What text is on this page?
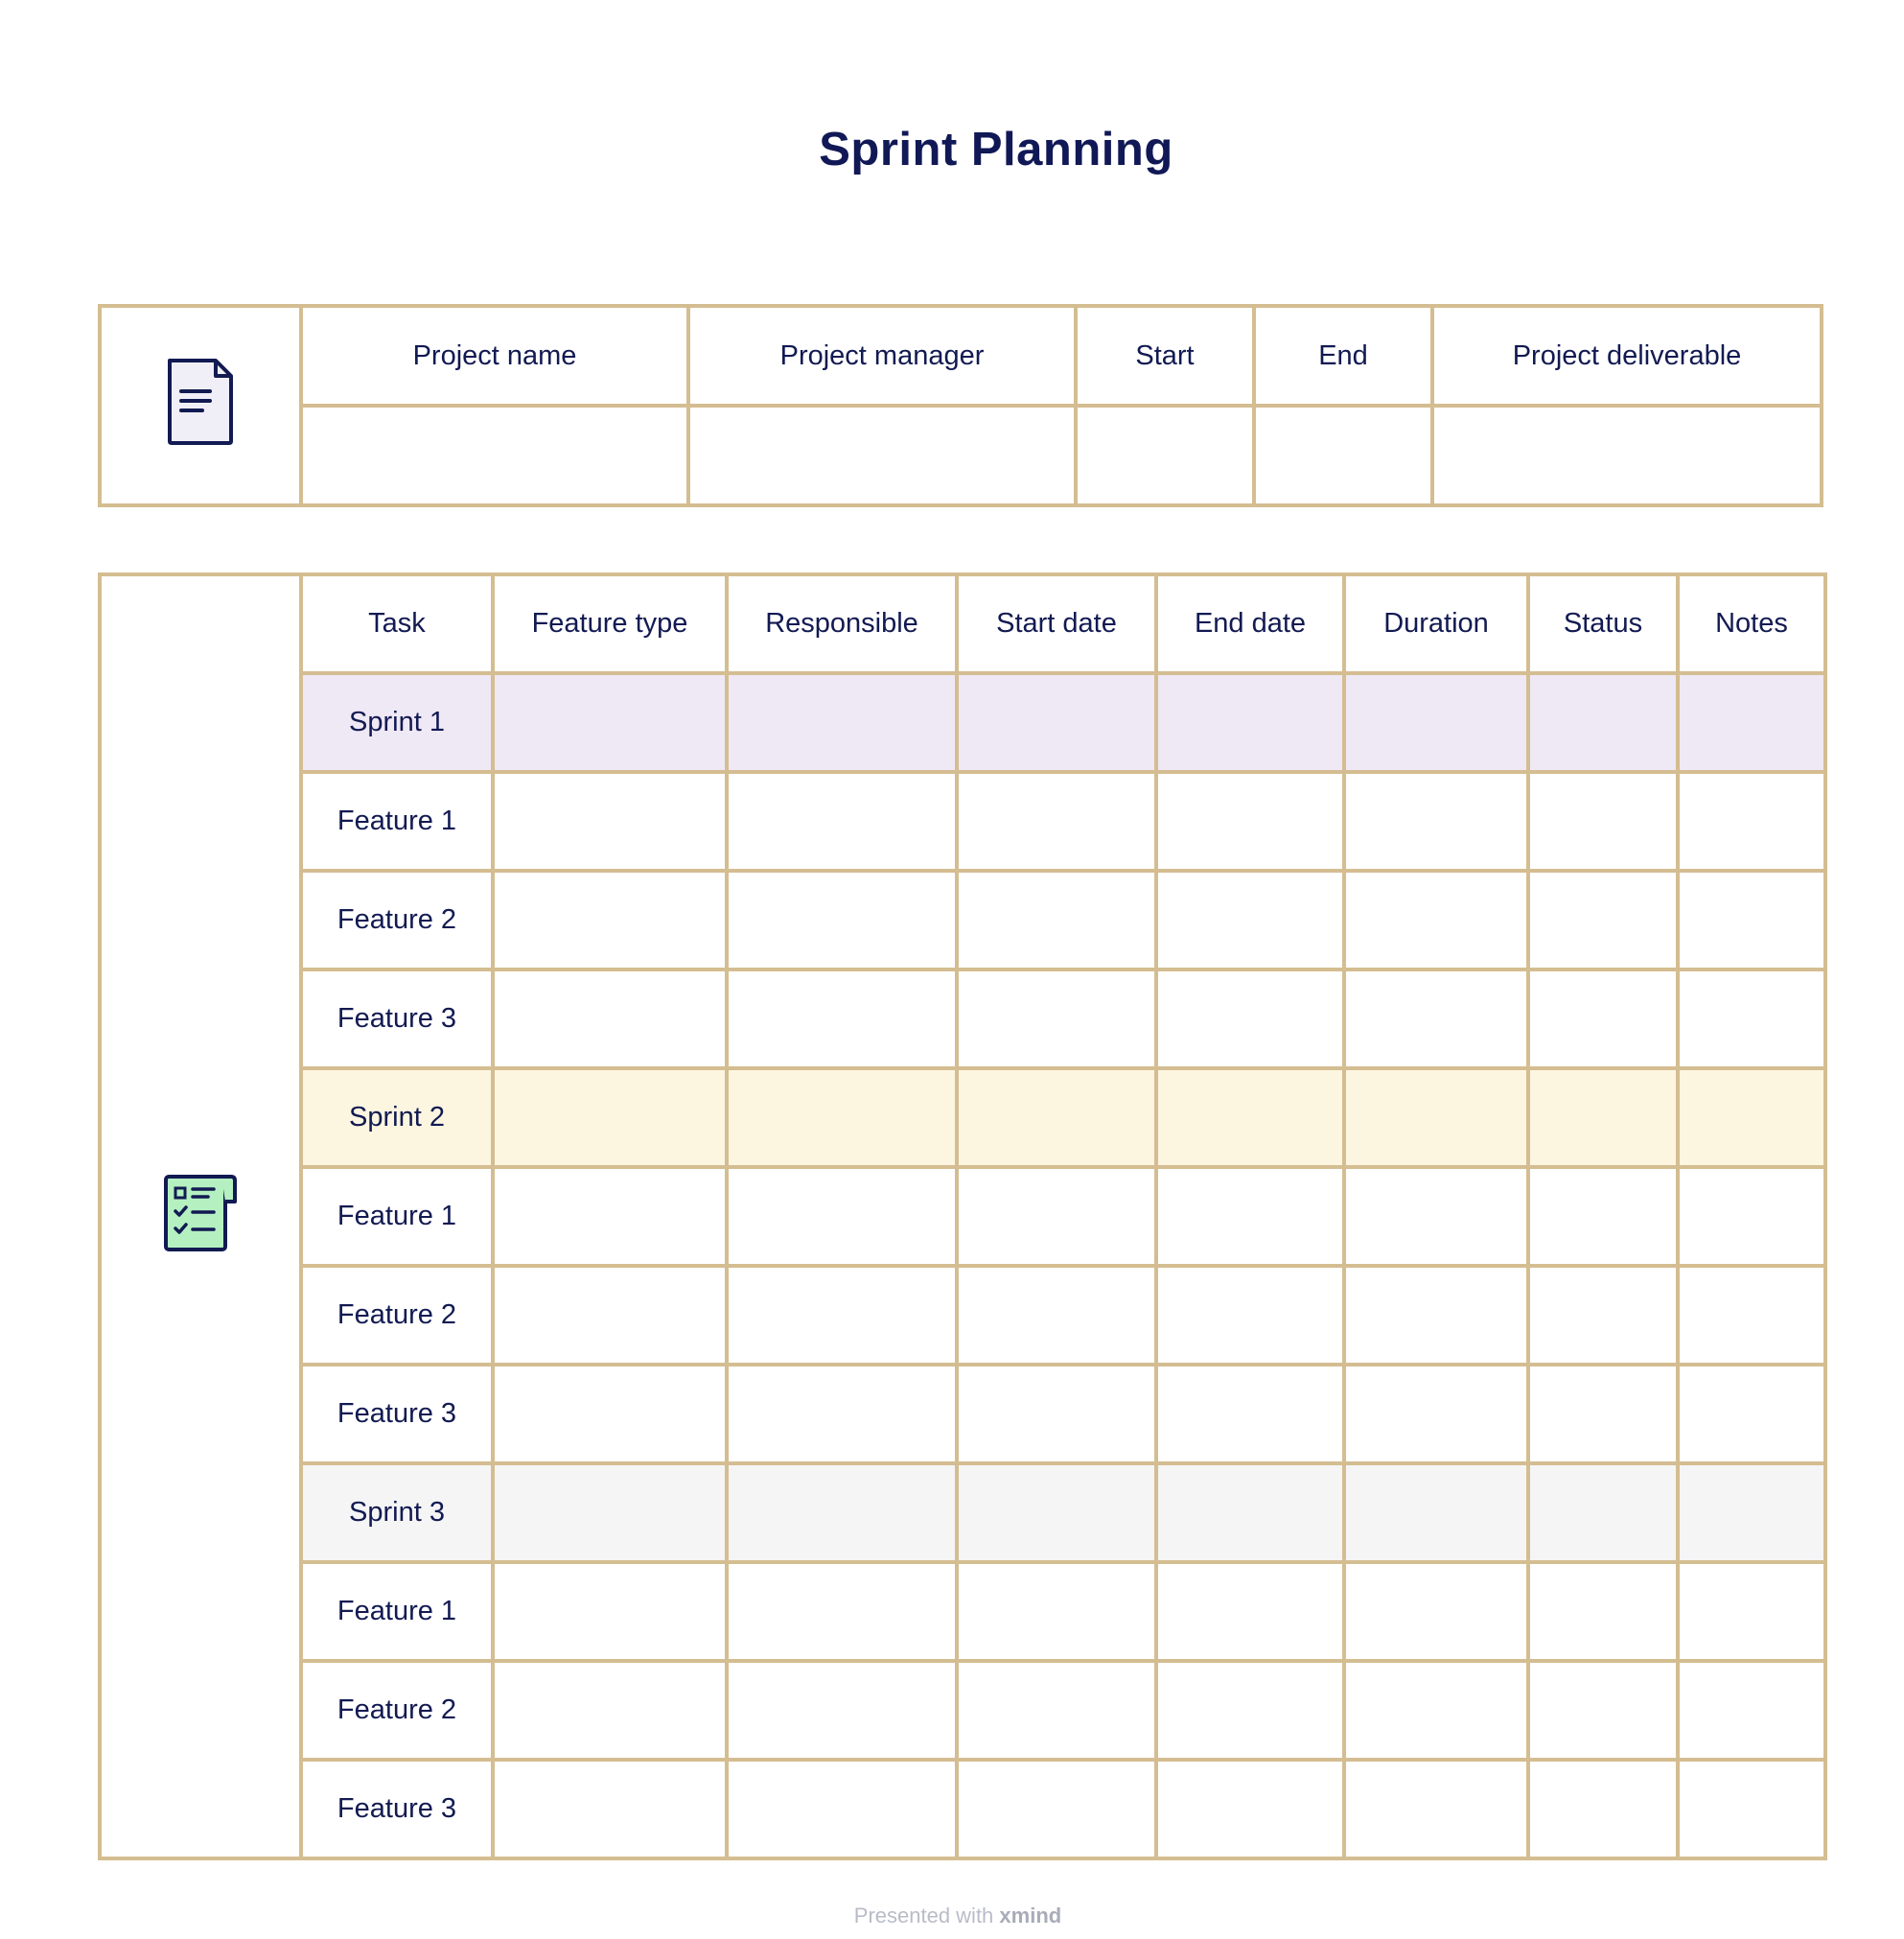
Sprint Planning
	Project name	Project manager	Start	End	Project deliverable

	Task	Feature type	Responsible	Start date	End date	Duration	Status	Notes
	Sprint 1							
	Feature 1							
	Feature 2							
	Feature 3							
	Sprint 2							
	Feature 1							
	Feature 2							
	Feature 3							
	Sprint 3							
	Feature 1							
	Feature 2							
	Feature 3							
Presented with xmind
